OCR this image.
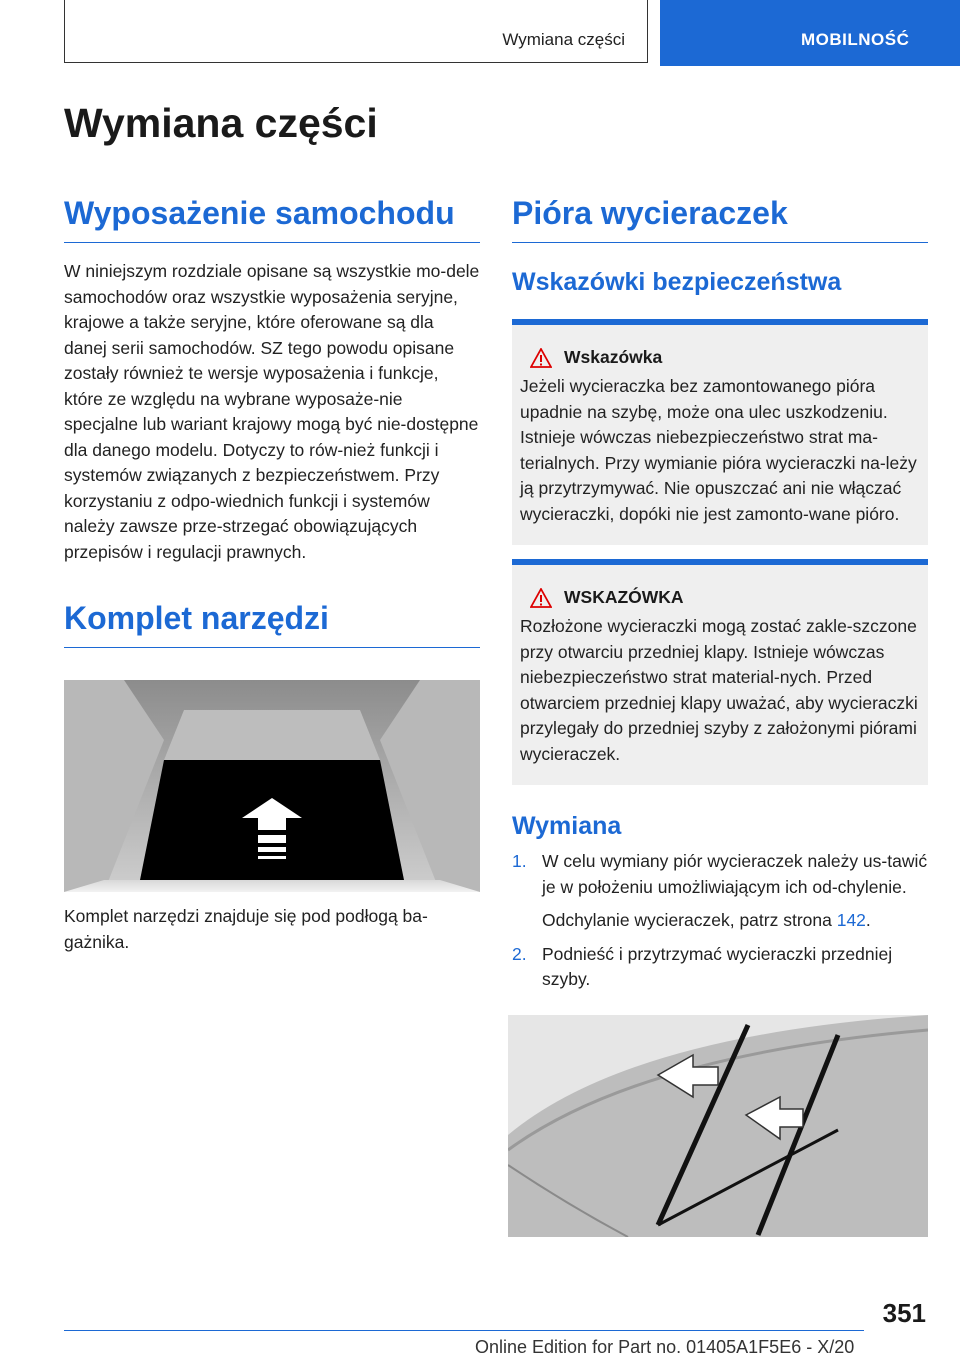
Wymiana części	MOBILNOŚĆ
Wymiana części
Wyposażenie samochodu

W niniejszym rozdziale opisane są wszystkie mo-dele samochodów oraz wszystkie wyposażenia seryjne, krajowe a także seryjne, które oferowane są dla danej serii samochodów. SZ tego powodu opisane zostały również te wersje wyposażenia i funkcje, które ze względu na wybrane wyposaże-nie specjalne lub wariant krajowy mogą być nie-dostępne dla danego modelu. Dotyczy to rów-nież funkcji i systemów związanych z bezpieczeństwem. Przy korzystaniu z odpo-wiednich funkcji i systemów należy zawsze prze-strzegać obowiązujących przepisów i regulacji prawnych.

Komplet narzędzi

Komplet narzędzi znajduje się pod podłogą ba-gażnika.

Pióra wycieraczek
Wskazówki bezpieczeństwa
Wskazówka

Jeżeli wycieraczka bez zamontowanego pióra upadnie na szybę, może ona ulec uszkodzeniu. Istnieje wówczas niebezpieczeństwo strat ma-terialnych. Przy wymianie pióra wycieraczki na-leży ją przytrzymywać. Nie opuszczać ani nie włączać wycieraczki, dopóki nie jest zamonto-wane pióro.

WSKAZÓWKA

Rozłożone wycieraczki mogą zostać zakle-szczone przy otwarciu przedniej klapy. Istnieje wówczas niebezpieczeństwo strat material-nych. Przed otwarciem przedniej klapy uważać, aby wycieraczki przylegały do przedniej szyby z założonymi piórami wycieraczek.

Wymiana
1. W celu wymiany piór wycieraczek należy us-tawić je w położeniu umożliwiającym ich od-chylenie.

Odchylanie wycieraczek, patrz strona 142.

2. Podnieść i przytrzymać wycieraczki przedniej szyby.

351
Online Edition for Part no. 01405A1F5E6 - X/20
